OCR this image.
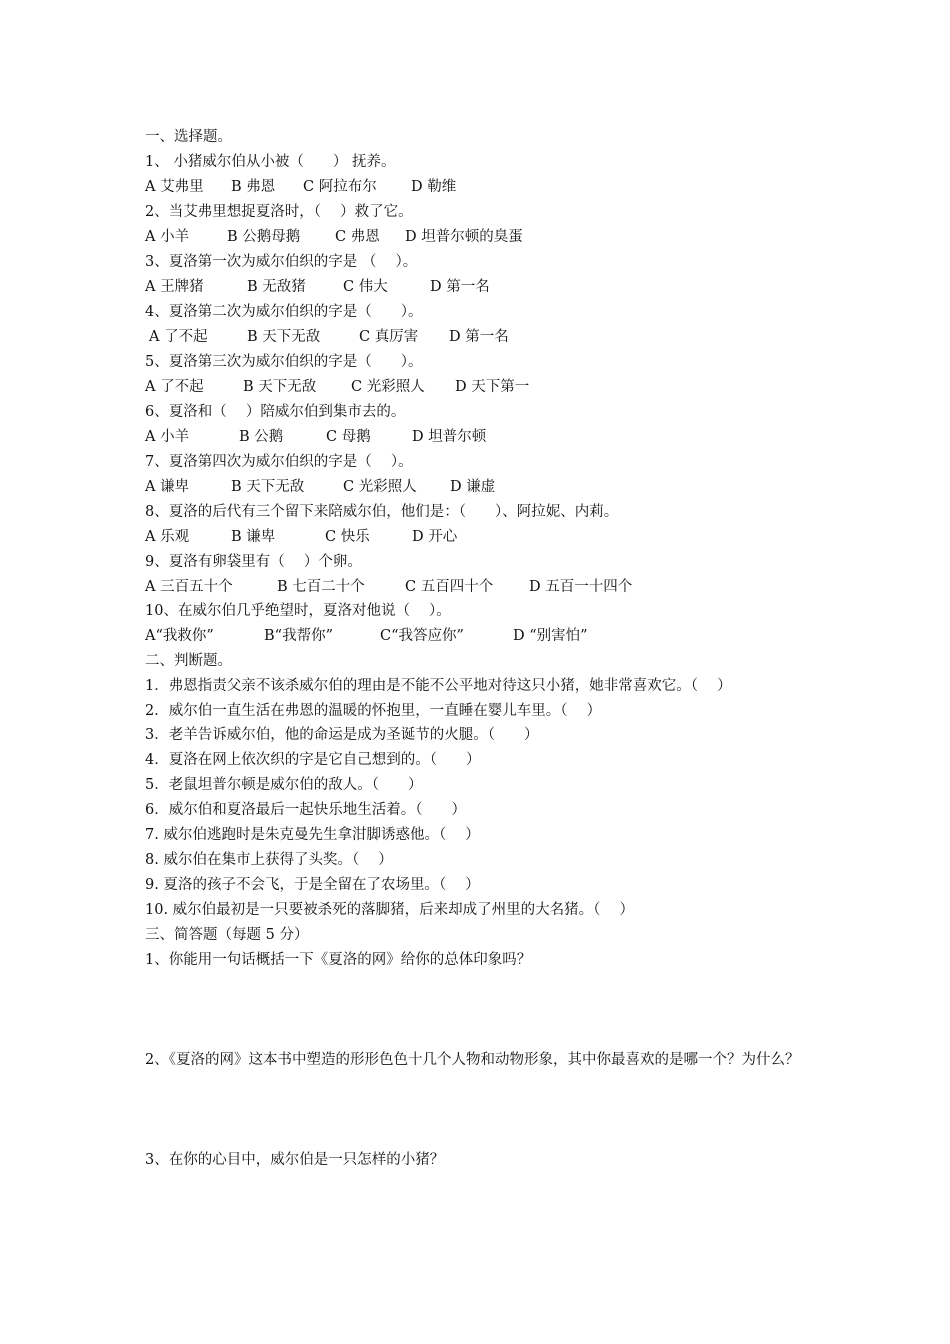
一、选择题。
1、 小猪威尔伯从小被（　　） 抚养。
A 艾弗里	B 弗恩	C 阿拉布尔	D 勒维
2、当艾弗里想捉夏洛时，（　 ）救了它。
A 小羊	B 公鹅母鹅	C 弗恩	D 坦普尔顿的臭蛋
3、夏洛第一次为威尔伯织的字是 （　 ）。
A 王牌猪	B 无敌猪	C 伟大	D 第一名
4、夏洛第二次为威尔伯织的字是（　　）。
A 了不起	B 天下无敌	C 真厉害	D 第一名
5、夏洛第三次为威尔伯织的字是（　　）。
A 了不起	B 天下无敌	C 光彩照人	D 天下第一
6、夏洛和（　 ）陪威尔伯到集市去的。
A 小羊	B 公鹅	C 母鹅	D 坦普尔顿
7、夏洛第四次为威尔伯织的字是（　 ）。
A 谦卑	B 天下无敌	C 光彩照人	D 谦虚
8、夏洛的后代有三个留下来陪威尔伯，他们是：（　　）、阿拉妮、内莉。
A 乐观	B 谦卑	C 快乐	D 开心
9、夏洛有卵袋里有（　 ）个卵。
A 三百五十个	B 七百二十个	C 五百四十个	D 五百一十四个
10、在威尔伯几乎绝望时，夏洛对他说（　 ）。
A“我救你”	B“我帮你”	C“我答应你”	D “别害怕”
二、判断题。
1．弗恩指责父亲不该杀威尔伯的理由是不能不公平地对待这只小猪，她非常喜欢它。（　 ）
2．威尔伯一直生活在弗恩的温暖的怀抱里，一直睡在婴儿车里。（　 ）
3．老羊告诉威尔伯，他的命运是成为圣诞节的火腿。（　　）
4．夏洛在网上依次织的字是它自己想到的。（　　）
5．老鼠坦普尔顿是威尔伯的敌人。（　　）
6．威尔伯和夏洛最后一起快乐地生活着。（　　）
7. 威尔伯逃跑时是朱克曼先生拿泔脚诱惑他。（　 ）
8. 威尔伯在集市上获得了头奖。（　 ）
9. 夏洛的孩子不会飞，于是全留在了农场里。（　 ）
10. 威尔伯最初是一只要被杀死的落脚猪，后来却成了州里的大名猪。（　 ）
三、简答题（每题 5 分）
1、你能用一句话概括一下《夏洛的网》给你的总体印象吗？
2、《夏洛的网》这本书中塑造的形形色色十几个人物和动物形象，其中你最喜欢的是哪一个？为什么？
3、在你的心目中，威尔伯是一只怎样的小猪？
